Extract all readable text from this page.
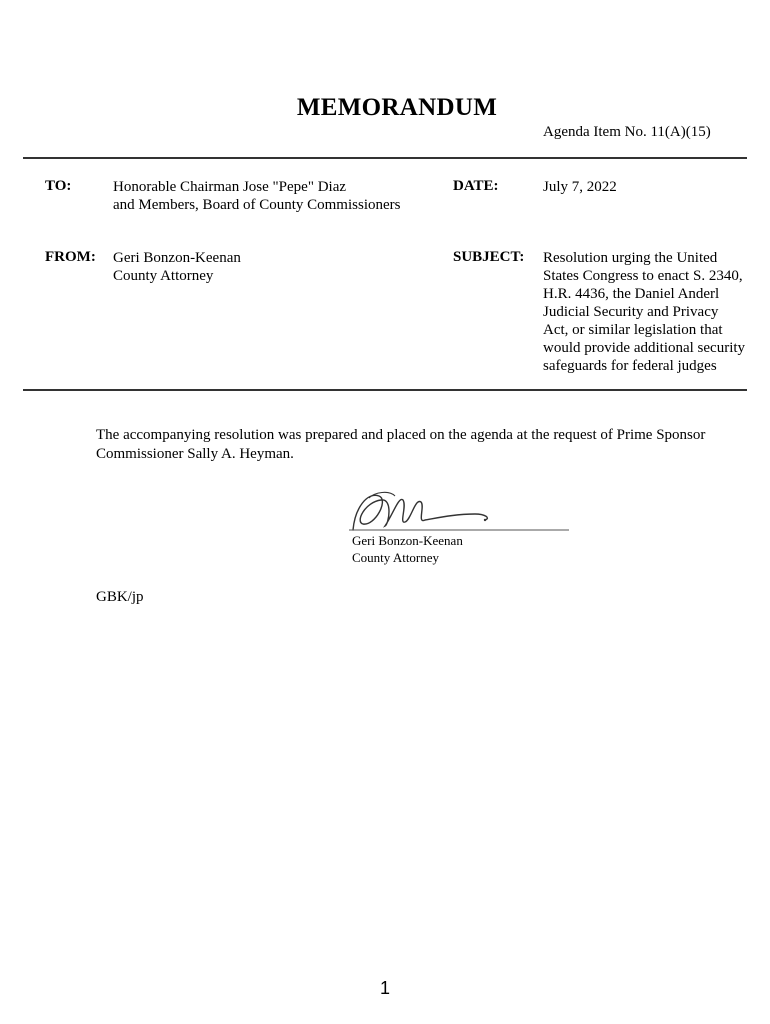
MEMORANDUM
Agenda Item No. 11(A)(15)
TO:	Honorable Chairman Jose "Pepe" Diaz
and Members, Board of County Commissioners
DATE:	July 7, 2022
FROM: Geri Bonzon-Keenan
County Attorney
SUBJECT: Resolution urging the United
States Congress to enact S. 2340,
H.R. 4436, the Daniel Anderl
Judicial Security and Privacy
Act, or similar legislation that
would provide additional security
safeguards for federal judges
The accompanying resolution was prepared and placed on the agenda at the request of Prime Sponsor
Commissioner Sally A. Heyman.
Geri Bonzon-Keenan
County Attorney
GBK/jp
1
